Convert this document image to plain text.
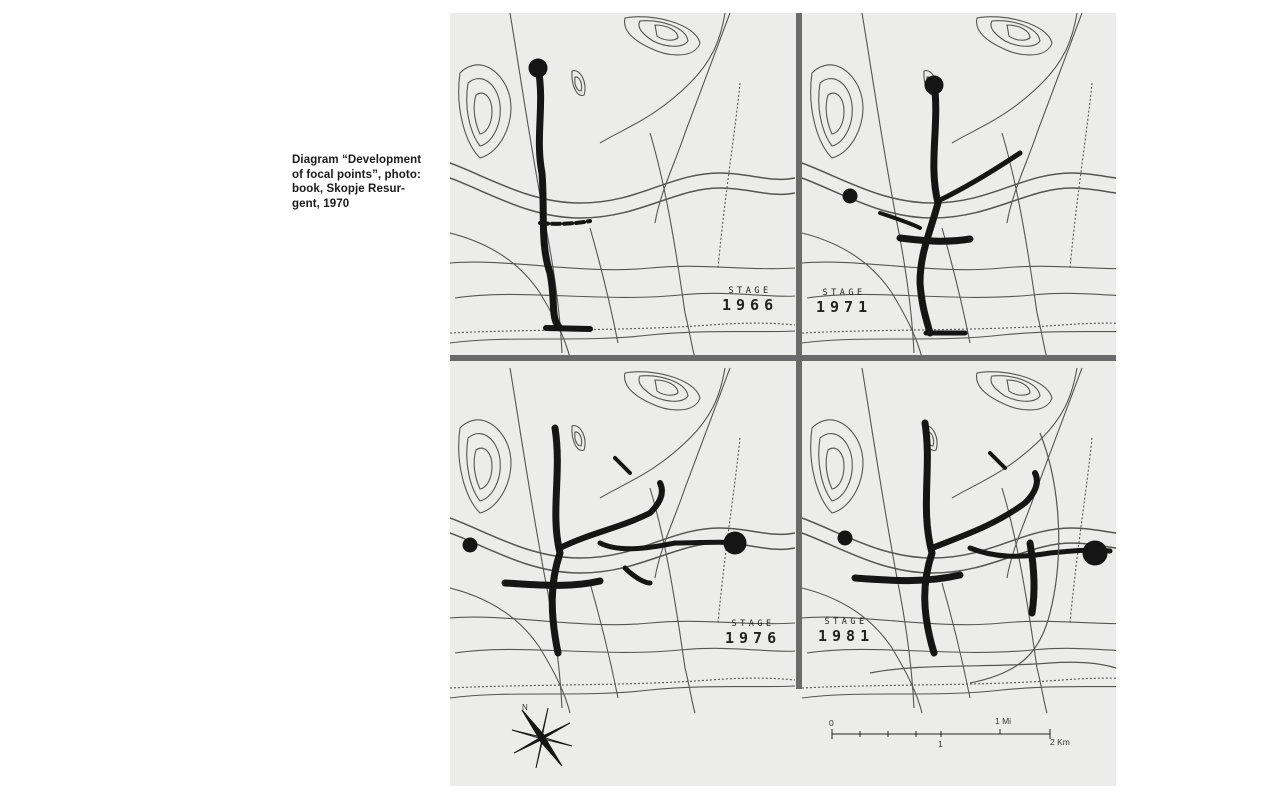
Diagram “Development
of focal points”, photo:
book, Skopje Resur-
gent, 1970
STAGE
1966
STAGE
1971
STAGE
1976
STAGE
1981
N
0	1 Mi
1	2 Km
